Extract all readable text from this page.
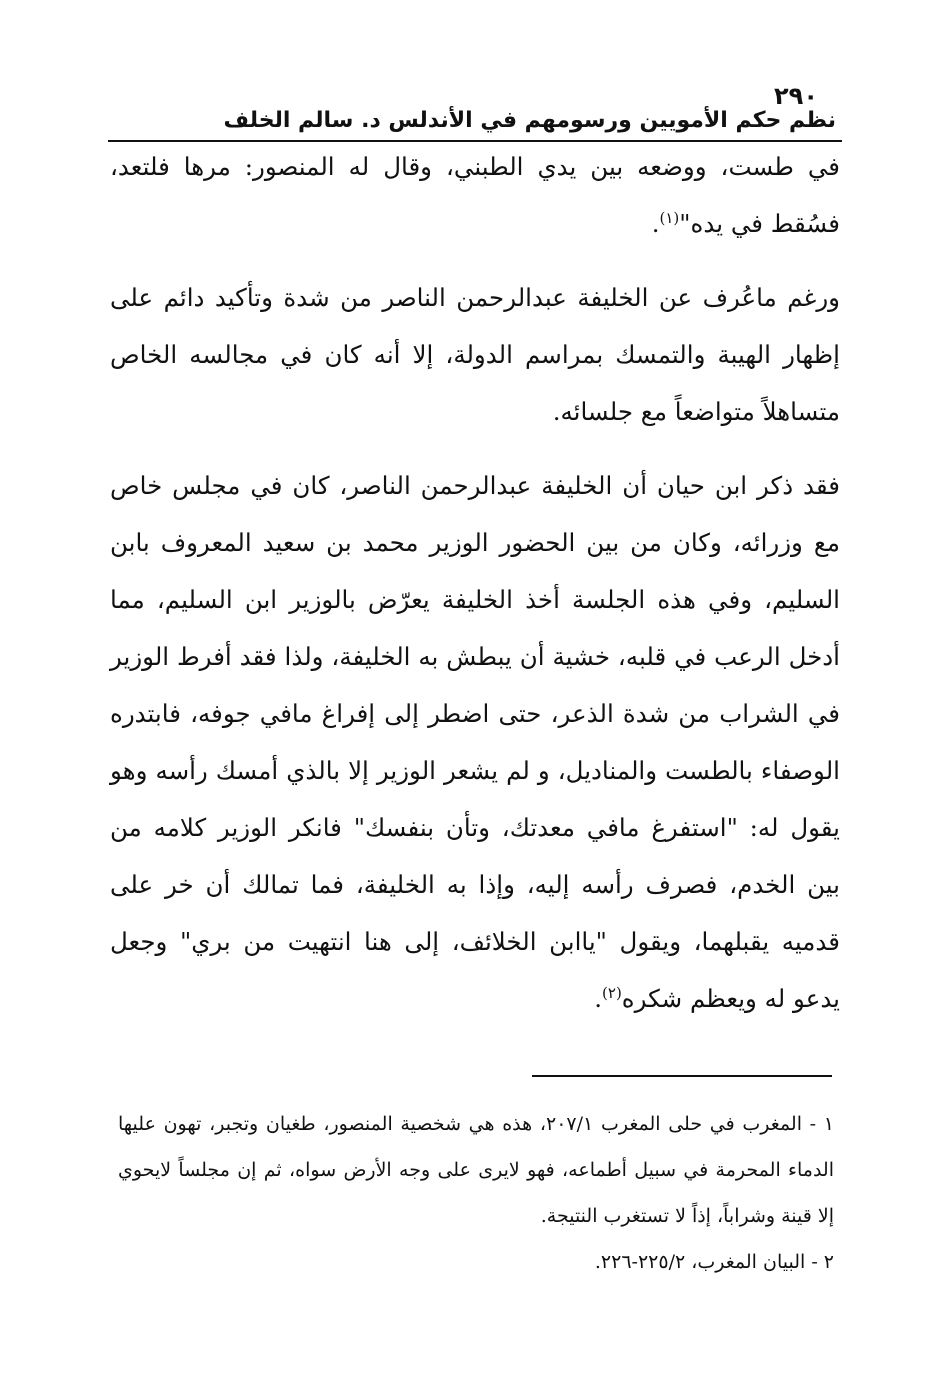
٢٩٠
نظم حكم الأمويين ورسومهم في الأندلس د. سالم الخلف

في طست، ووضعه بين يدي الطبني، وقال له المنصور: مرها فلتعد، فسُقط في يده"$^{(١)}$.

ورغم ماعُرف عن الخليفة عبدالرحمن الناصر من شدة وتأكيد دائم على إظهار الهيبة والتمسك بمراسم الدولة، إلا أنه كان في مجالسه الخاص متساهلاً متواضعاً مع جلسائه.

فقد ذكر ابن حيان أن الخليفة عبدالرحمن الناصر، كان في مجلس خاص مع وزرائه، وكان من بين الحضور الوزير محمد بن سعيد المعروف بابن السليم، وفي هذه الجلسة أخذ الخليفة يعرّض بالوزير ابن السليم، مما أدخل الرعب في قلبه، خشية أن يبطش به الخليفة، ولذا فقد أفرط الوزير في الشراب من شدة الذعر، حتى اضطر إلى إفراغ مافي جوفه، فابتدره الوصفاء بالطست والمناديل، و لم يشعر الوزير إلا بالذي أمسك رأسه وهو يقول له: "استفرغ مافي معدتك، وتأن بنفسك" فانكر الوزير كلامه من بين الخدم، فصرف رأسه إليه، وإذا به الخليفة، فما تمالك أن خر على قدميه يقبلهما، ويقول "ياابن الخلائف، إلى هنا انتهيت من بري" وجعل يدعو له ويعظم شكره$^{(٢)}$.

١ - المغرب في حلى المغرب ٢٠٧/١، هذه هي شخصية المنصور، طغيان وتجبر، تهون عليها الدماء المحرمة في سبيل أطماعه، فهو لايرى على وجه الأرض سواه، ثم إن مجلساً لايحوي إلا قينة وشراباً، إذاً لا تستغرب النتيجة.

٢ - البيان المغرب، ٢٢٥/٢-٢٢٦.
